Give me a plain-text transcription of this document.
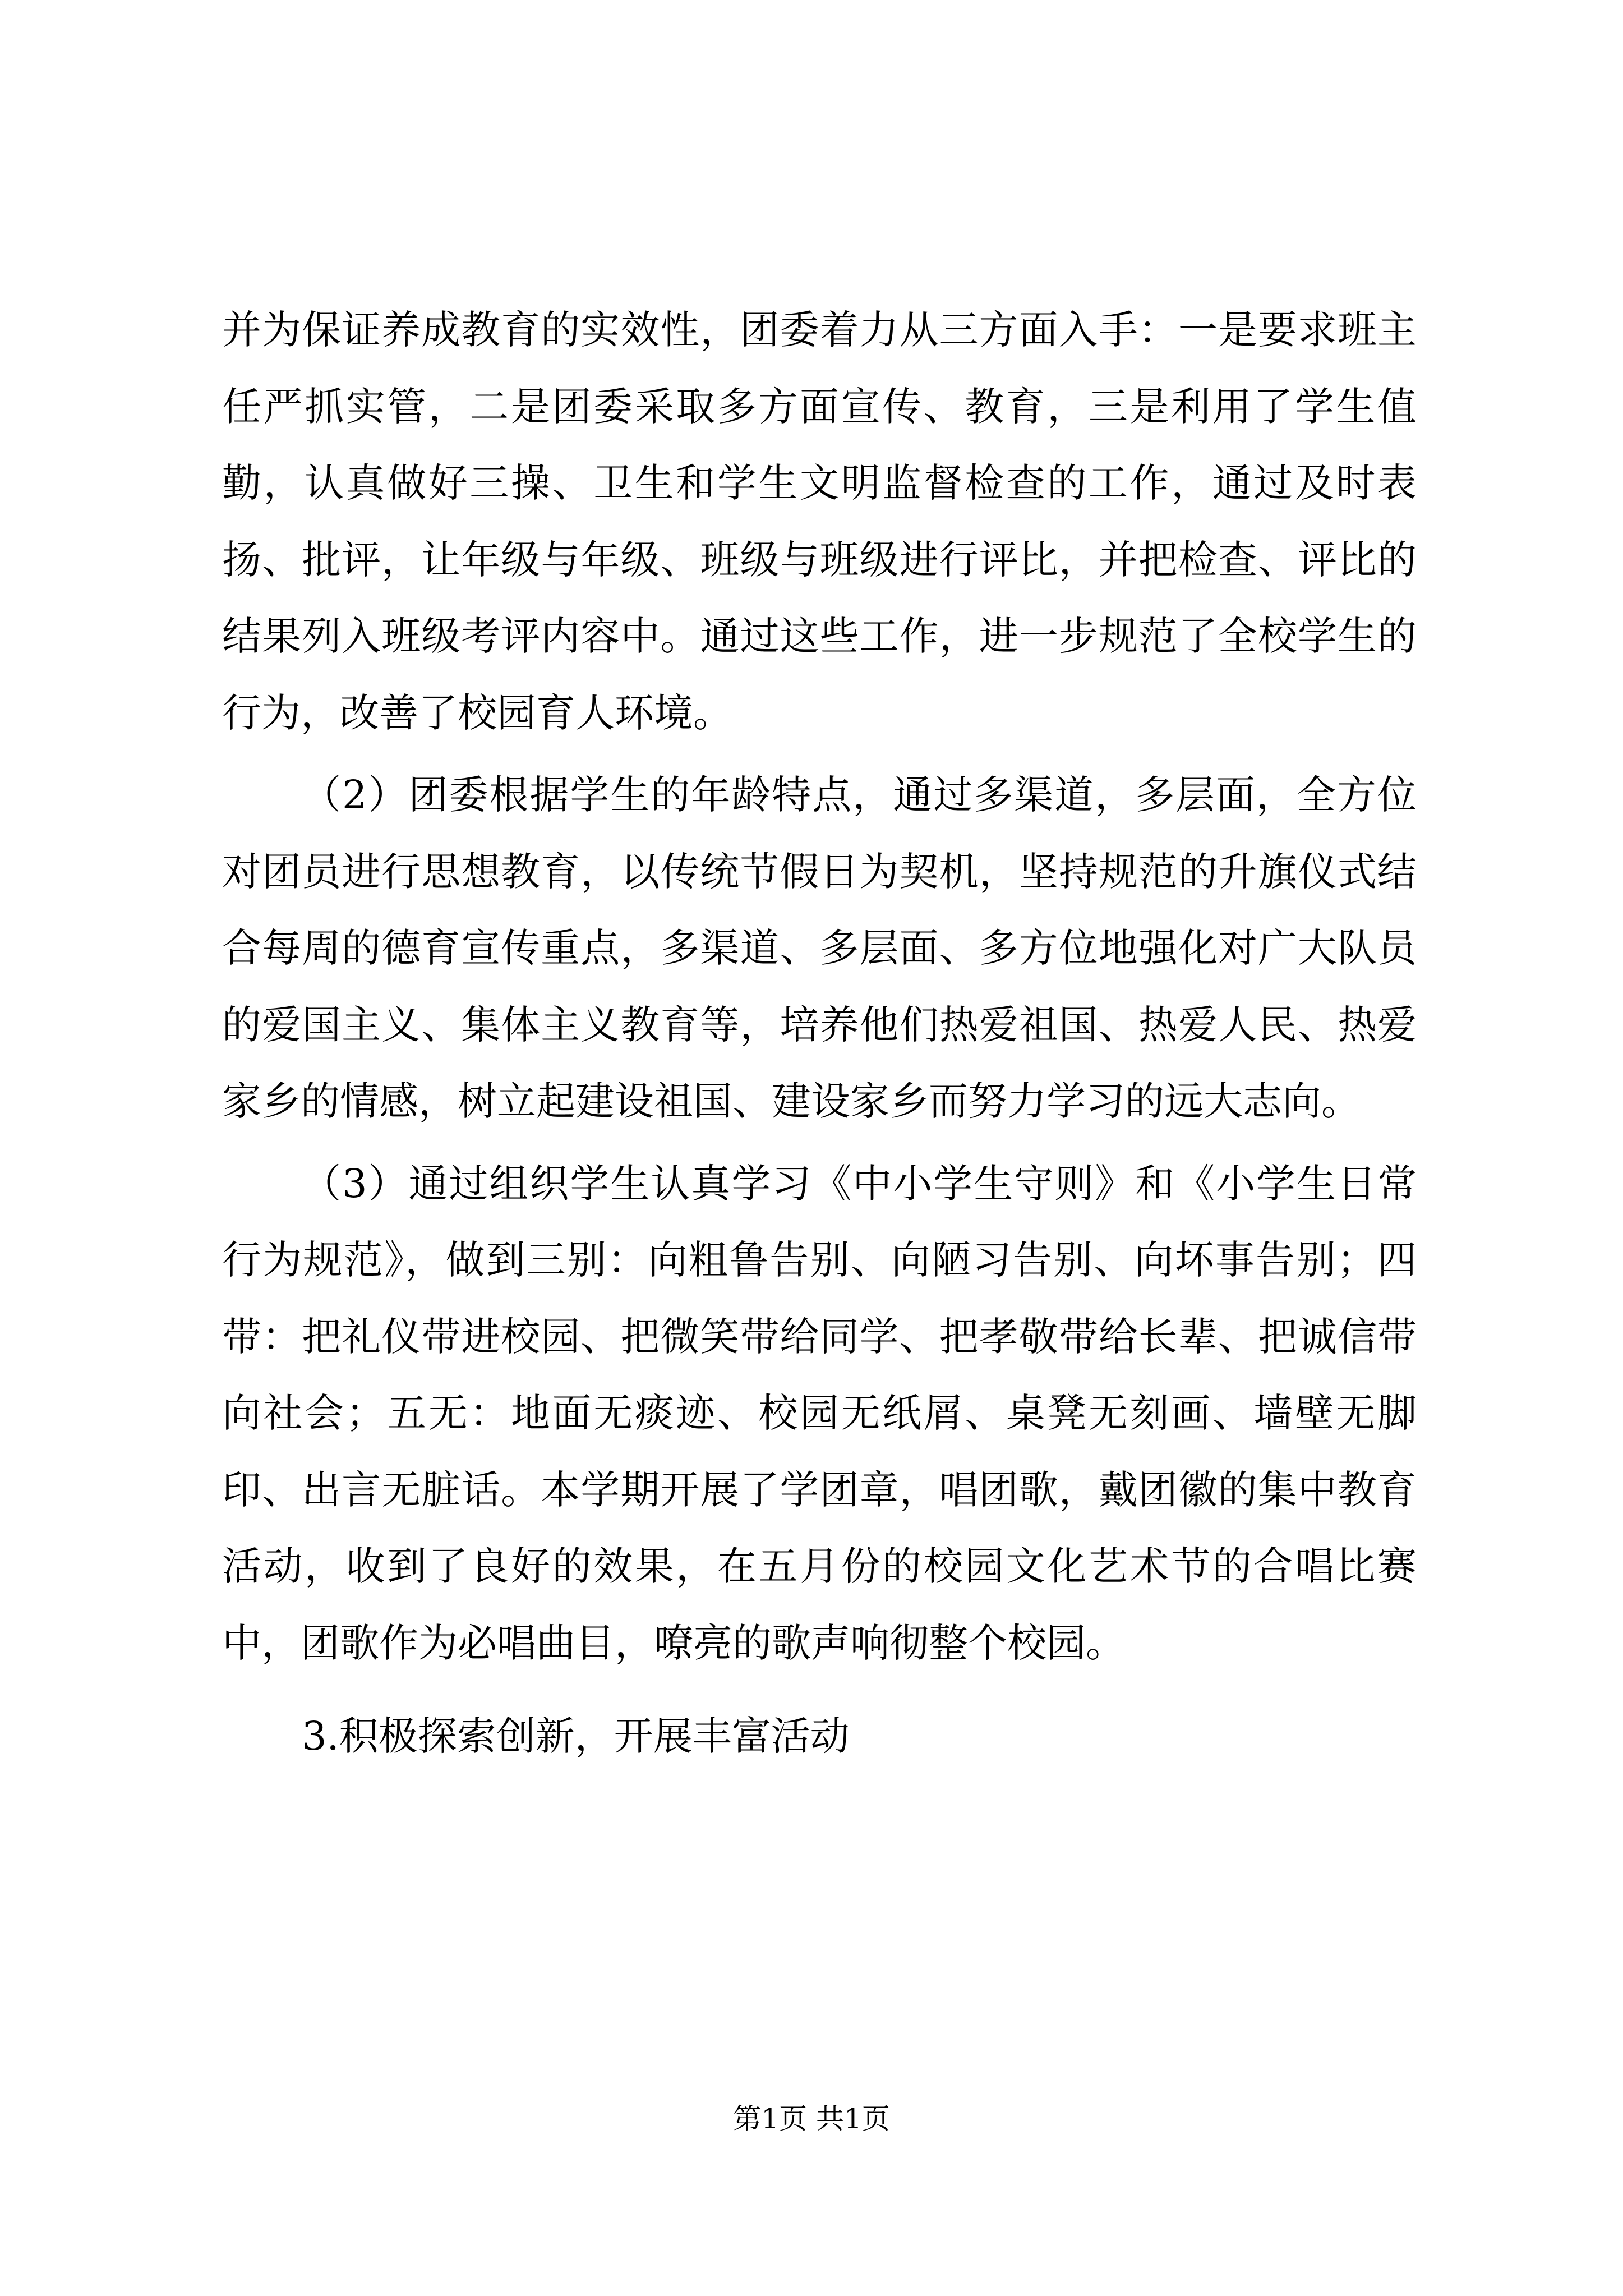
并为保证养成教育的实效性，团委着力从三方面入手：一是要求班主任严抓实管，二是团委采取多方面宣传、教育，三是利用了学生值勤，认真做好三操、卫生和学生文明监督检查的工作，通过及时表扬、批评，让年级与年级、班级与班级进行评比，并把检查、评比的结果列入班级考评内容中。通过这些工作，进一步规范了全校学生的行为，改善了校园育人环境。

（2）团委根据学生的年龄特点，通过多渠道，多层面，全方位对团员进行思想教育，以传统节假日为契机，坚持规范的升旗仪式结合每周的德育宣传重点，多渠道、多层面、多方位地强化对广大队员的爱国主义、集体主义教育等，培养他们热爱祖国、热爱人民、热爱家乡的情感，树立起建设祖国、建设家乡而努力学习的远大志向。

（3）通过组织学生认真学习《中小学生守则》和《小学生日常行为规范》，做到三别：向粗鲁告别、向陋习告别、向坏事告别；四带：把礼仪带进校园、把微笑带给同学、把孝敬带给长辈、把诚信带向社会；五无：地面无痰迹、校园无纸屑、桌凳无刻画、墙壁无脚印、出言无脏话。本学期开展了学团章，唱团歌，戴团徽的集中教育活动，收到了良好的效果，在五月份的校园文化艺术节的合唱比赛中，团歌作为必唱曲目，嘹亮的歌声响彻整个校园。

3.积极探索创新，开展丰富活动

第1页 共1页
